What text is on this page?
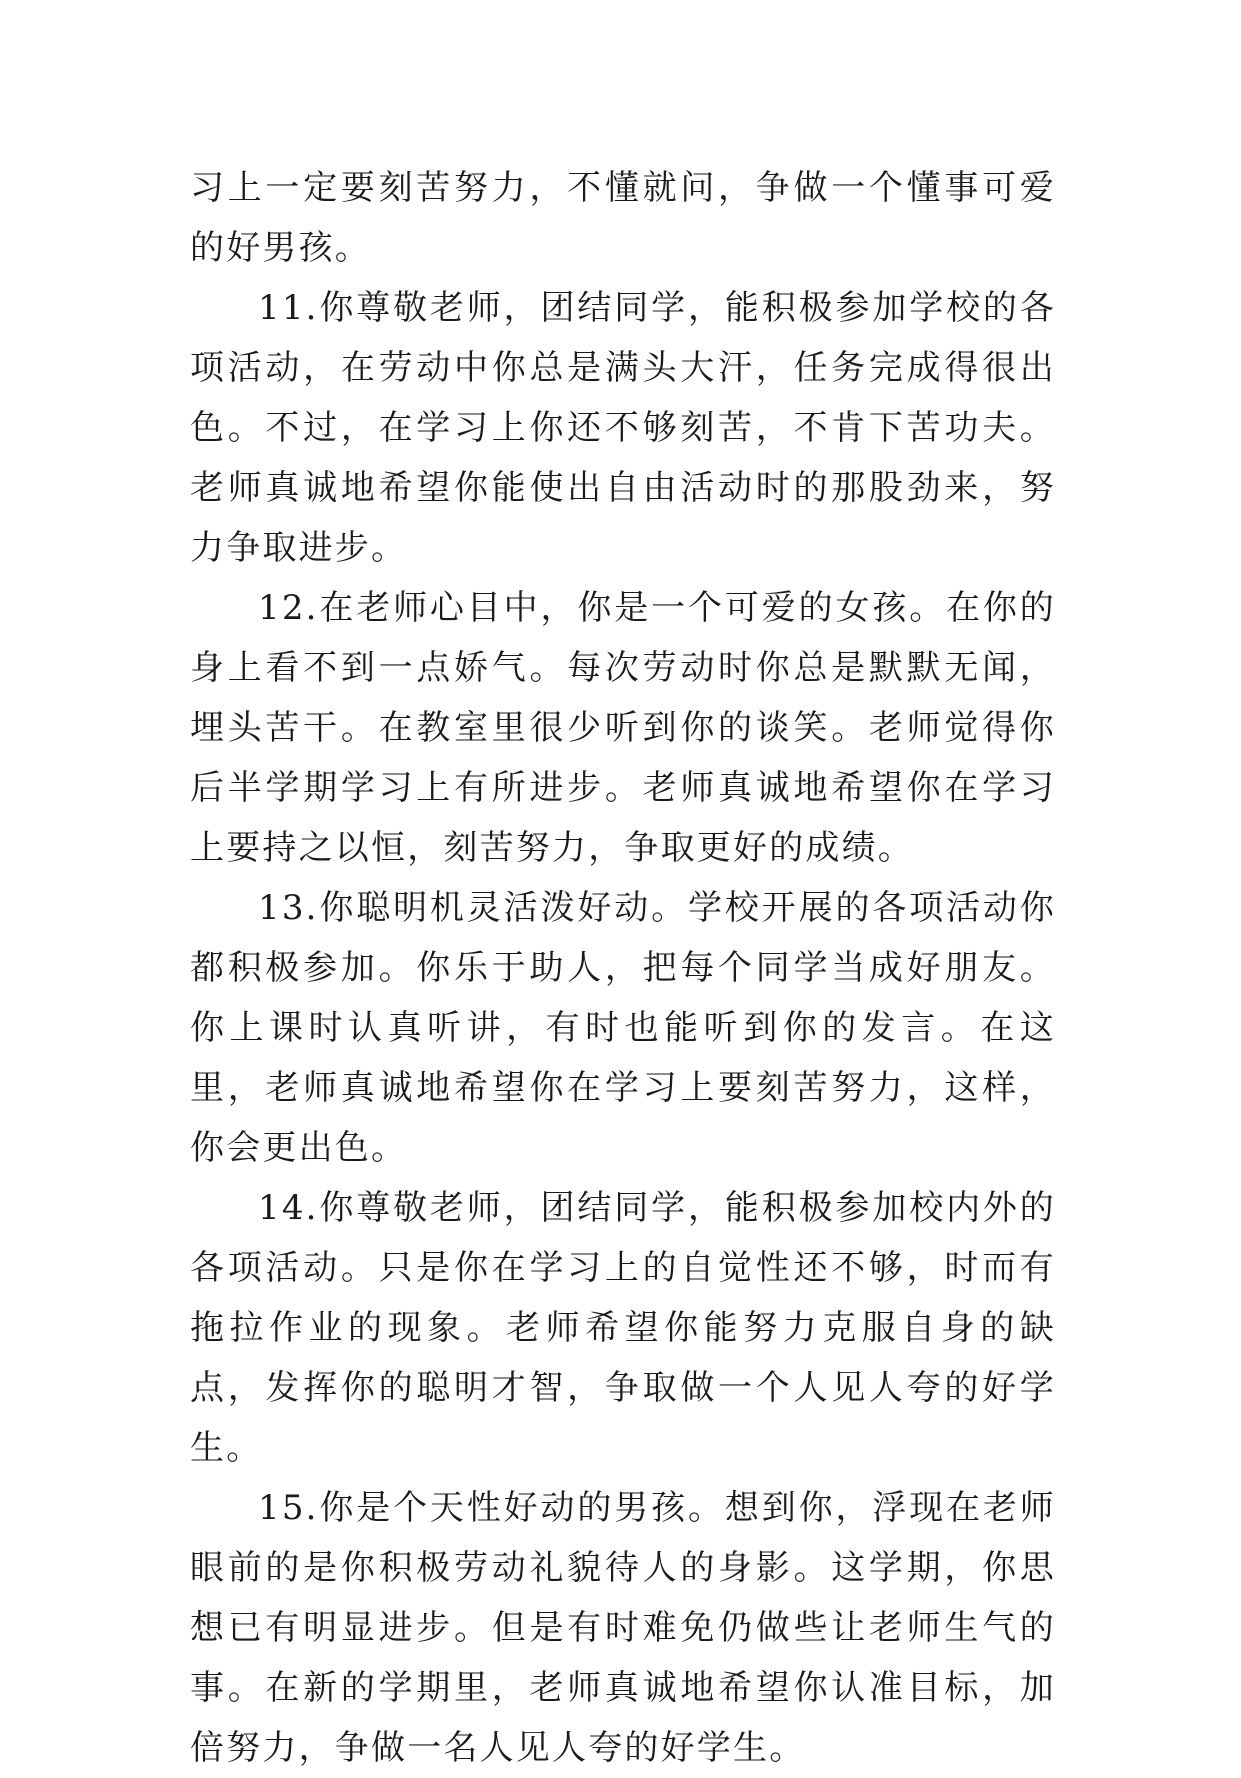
习上一定要刻苦努力，不懂就问，争做一个懂事可爱的好男孩。

11.你尊敬老师，团结同学，能积极参加学校的各项活动，在劳动中你总是满头大汗，任务完成得很出色。不过，在学习上你还不够刻苦，不肯下苦功夫。老师真诚地希望你能使出自由活动时的那股劲来，努力争取进步。

12.在老师心目中，你是一个可爱的女孩。在你的身上看不到一点娇气。每次劳动时你总是默默无闻，埋头苦干。在教室里很少听到你的谈笑。老师觉得你后半学期学习上有所进步。老师真诚地希望你在学习上要持之以恒，刻苦努力，争取更好的成绩。

13.你聪明机灵活泼好动。学校开展的各项活动你都积极参加。你乐于助人，把每个同学当成好朋友。你上课时认真听讲，有时也能听到你的发言。在这里，老师真诚地希望你在学习上要刻苦努力，这样，你会更出色。

14.你尊敬老师，团结同学，能积极参加校内外的各项活动。只是你在学习上的自觉性还不够，时而有拖拉作业的现象。老师希望你能努力克服自身的缺点，发挥你的聪明才智，争取做一个人见人夸的好学生。

15.你是个天性好动的男孩。想到你，浮现在老师眼前的是你积极劳动礼貌待人的身影。这学期，你思想已有明显进步。但是有时难免仍做些让老师生气的事。在新的学期里，老师真诚地希望你认准目标，加倍努力，争做一名人见人夸的好学生。
